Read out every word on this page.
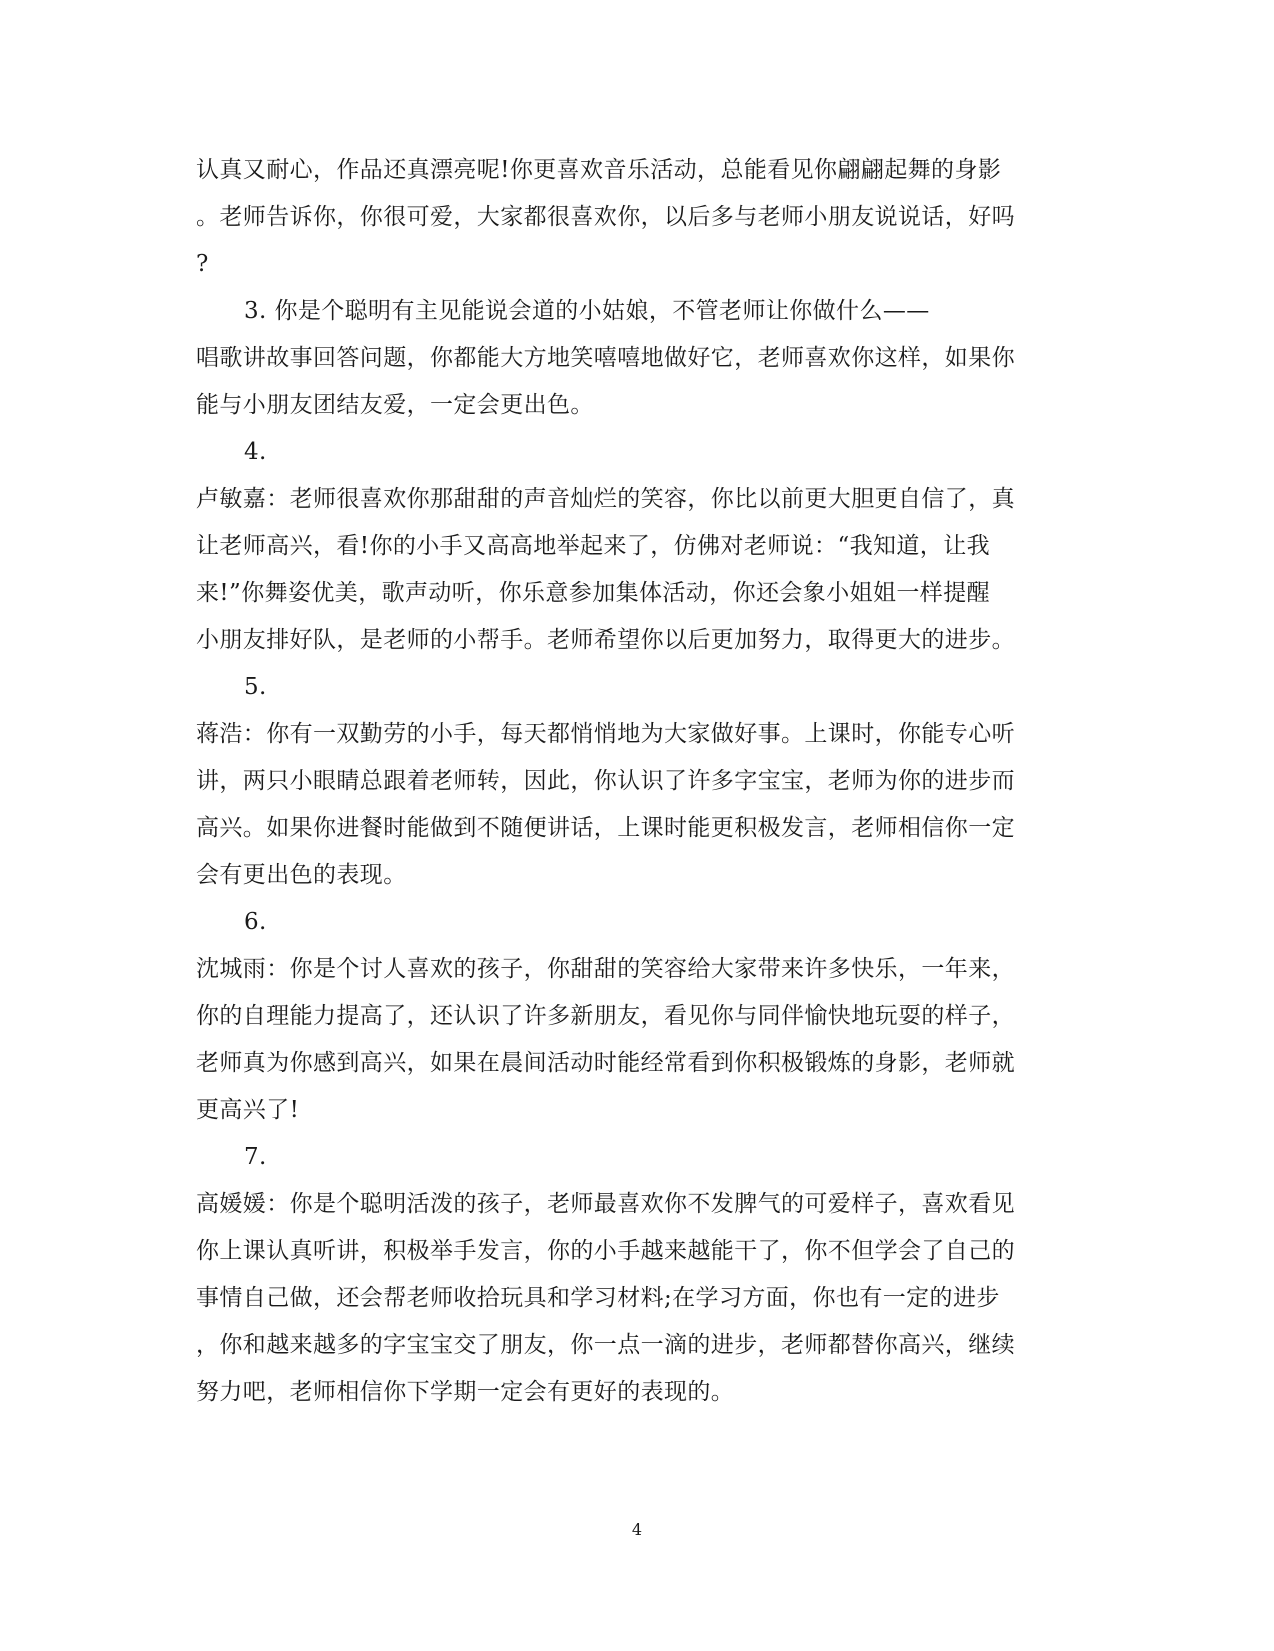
认真又耐心，作品还真漂亮呢!你更喜欢音乐活动，总能看见你翩翩起舞的身影
。老师告诉你，你很可爱，大家都很喜欢你，以后多与老师小朋友说说话，好吗
?
3. 你是个聪明有主见能说会道的小姑娘，不管老师让你做什么——
唱歌讲故事回答问题，你都能大方地笑嘻嘻地做好它，老师喜欢你这样，如果你
能与小朋友团结友爱，一定会更出色。
4.
卢敏嘉：老师很喜欢你那甜甜的声音灿烂的笑容，你比以前更大胆更自信了，真
让老师高兴，看!你的小手又高高地举起来了，仿佛对老师说：“我知道，让我
来!”你舞姿优美，歌声动听，你乐意参加集体活动，你还会象小姐姐一样提醒
小朋友排好队，是老师的小帮手。老师希望你以后更加努力，取得更大的进步。
5.
蒋浩：你有一双勤劳的小手，每天都悄悄地为大家做好事。上课时，你能专心听
讲，两只小眼睛总跟着老师转，因此，你认识了许多字宝宝，老师为你的进步而
高兴。如果你进餐时能做到不随便讲话，上课时能更积极发言，老师相信你一定
会有更出色的表现。
6.
沈城雨：你是个讨人喜欢的孩子，你甜甜的笑容给大家带来许多快乐，一年来，
你的自理能力提高了，还认识了许多新朋友，看见你与同伴愉快地玩耍的样子，
老师真为你感到高兴，如果在晨间活动时能经常看到你积极锻炼的身影，老师就
更高兴了!
7.
高媛媛：你是个聪明活泼的孩子，老师最喜欢你不发脾气的可爱样子，喜欢看见
你上课认真听讲，积极举手发言，你的小手越来越能干了，你不但学会了自己的
事情自己做，还会帮老师收拾玩具和学习材料;在学习方面，你也有一定的进步
，你和越来越多的字宝宝交了朋友，你一点一滴的进步，老师都替你高兴，继续
努力吧，老师相信你下学期一定会有更好的表现的。
4
